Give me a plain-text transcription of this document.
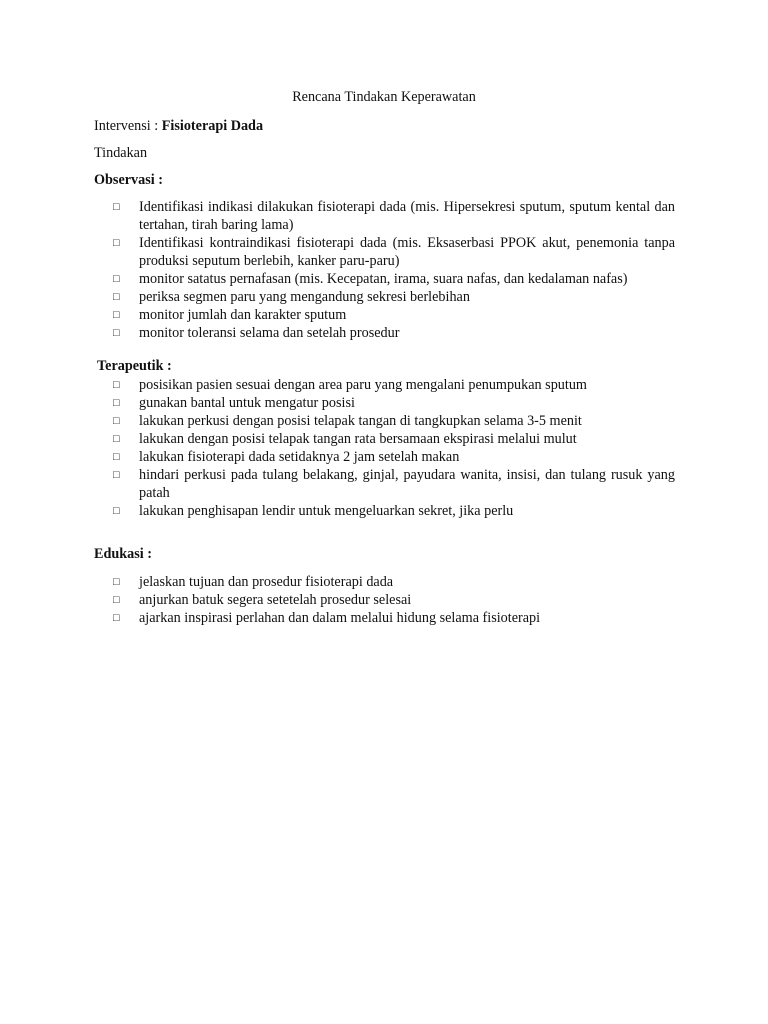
Rencana Tindakan Keperawatan

Intervensi : Fisioterapi Dada

Tindakan

Observasi :

□	Identifikasi indikasi dilakukan fisioterapi dada (mis. Hipersekresi sputum, sputum kental dan tertahan, tirah baring lama)
□	Identifikasi kontraindikasi fisioterapi dada (mis. Eksaserbasi PPOK akut, penemonia tanpa produksi seputum berlebih, kanker paru-paru)
□	monitor satatus pernafasan (mis. Kecepatan, irama, suara nafas, dan kedalaman nafas)
□	periksa segmen paru yang mengandung sekresi berlebihan
□	monitor jumlah dan karakter sputum
□	monitor toleransi selama dan setelah prosedur

Terapeutik :

□	posisikan pasien sesuai dengan area paru yang mengalani penumpukan sputum
□	gunakan bantal untuk mengatur posisi
□	lakukan perkusi dengan posisi telapak tangan di tangkupkan selama 3-5 menit
□	lakukan dengan posisi telapak tangan rata bersamaan ekspirasi melalui mulut
□	lakukan fisioterapi dada setidaknya 2 jam setelah makan
□	hindari perkusi pada tulang belakang, ginjal, payudara wanita, insisi, dan tulang rusuk yang patah
□	lakukan penghisapan lendir untuk mengeluarkan sekret, jika perlu

Edukasi :

□	jelaskan tujuan dan prosedur fisioterapi dada
□	anjurkan batuk segera setetelah prosedur selesai
□	ajarkan inspirasi perlahan dan dalam melalui hidung selama fisioterapi
